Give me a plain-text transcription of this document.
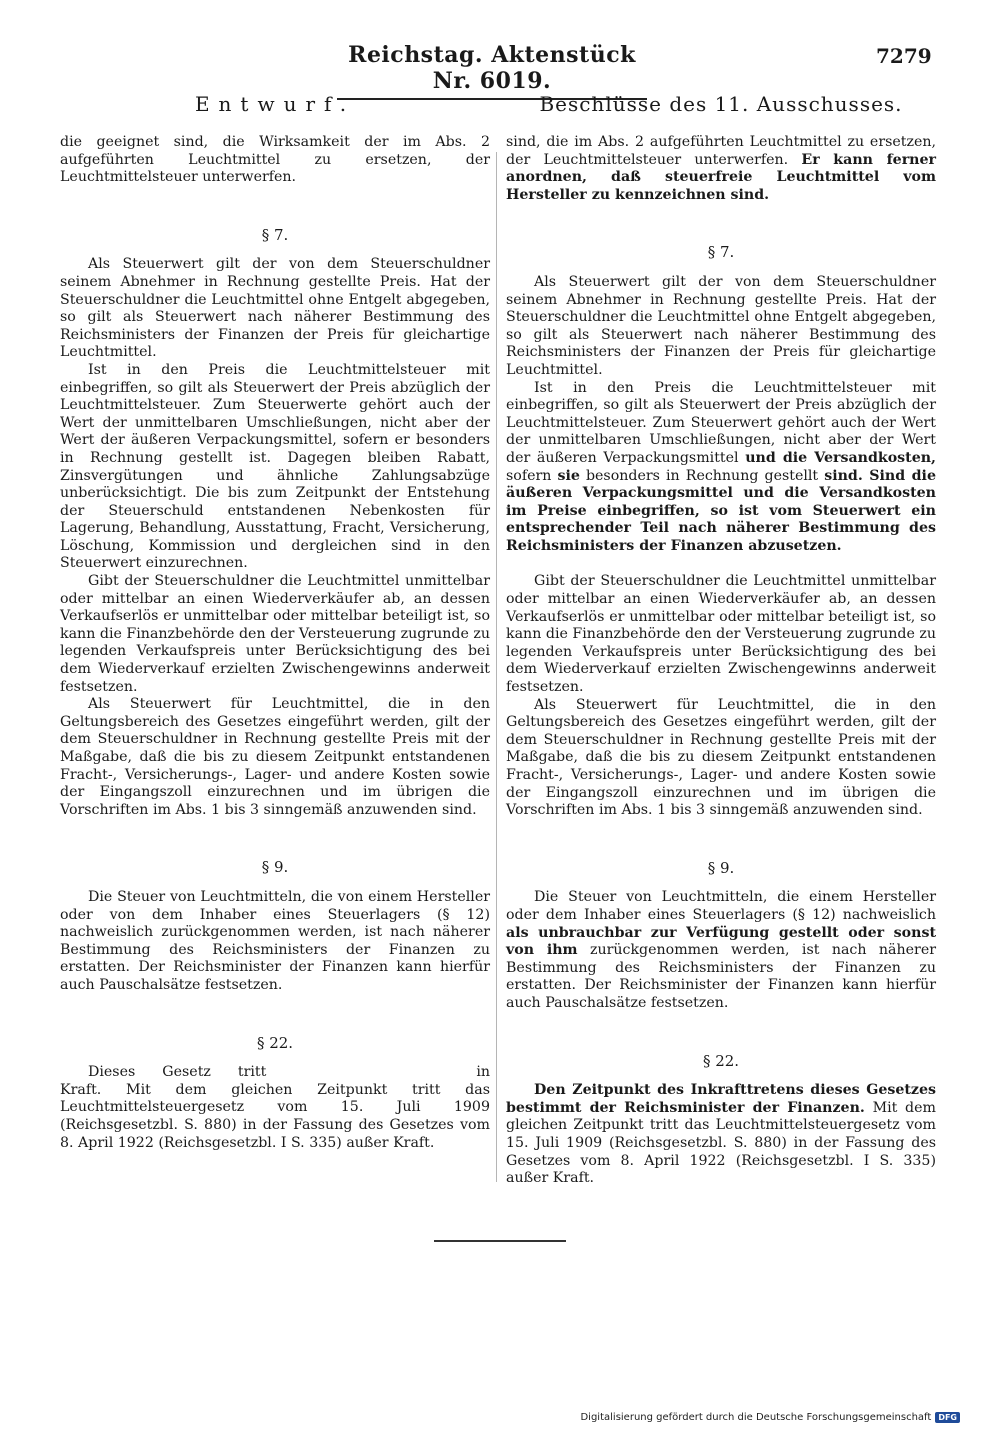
Reichstag. Aktenstück Nr. 6019.
7279
Entwurf.

die geeignet sind, die Wirksamkeit der im Abs. 2 aufgeführten Leuchtmittel zu ersetzen, der Leuchtmittelsteuer unterwerfen.

§ 7.

Als Steuerwert gilt der von dem Steuerschuldner seinem Abnehmer in Rechnung gestellte Preis. Hat der Steuerschuldner die Leuchtmittel ohne Entgelt abgegeben, so gilt als Steuerwert nach näherer Bestimmung des Reichsministers der Finanzen der Preis für gleichartige Leuchtmittel.

Ist in den Preis die Leuchtmittelsteuer mit einbegriffen, so gilt als Steuerwert der Preis abzüglich der Leuchtmittelsteuer. Zum Steuerwerte gehört auch der Wert der unmittelbaren Umschließungen, nicht aber der Wert der äußeren Verpackungsmittel, sofern er besonders in Rechnung gestellt ist. Dagegen bleiben Rabatt, Zinsvergütungen und ähnliche Zahlungsabzüge unberücksichtigt. Die bis zum Zeitpunkt der Entstehung der Steuerschuld entstandenen Nebenkosten für Lagerung, Behandlung, Ausstattung, Fracht, Versicherung, Löschung, Kommission und dergleichen sind in den Steuerwert einzurechnen.

Gibt der Steuerschuldner die Leuchtmittel unmittelbar oder mittelbar an einen Wiederverkäufer ab, an dessen Verkaufserlös er unmittelbar oder mittelbar beteiligt ist, so kann die Finanzbehörde den der Versteuerung zugrunde zu legenden Verkaufspreis unter Berücksichtigung des bei dem Wiederverkauf erzielten Zwischengewinns anderweit festsetzen.

Als Steuerwert für Leuchtmittel, die in den Geltungsbereich des Gesetzes eingeführt werden, gilt der dem Steuerschuldner in Rechnung gestellte Preis mit der Maßgabe, daß die bis zu diesem Zeitpunkt entstandenen Fracht-, Versicherungs-, Lager- und andere Kosten sowie der Eingangszoll einzurechnen und im übrigen die Vorschriften im Abs. 1 bis 3 sinngemäß anzuwenden sind.

§ 9.

Die Steuer von Leuchtmitteln, die von einem Hersteller oder von dem Inhaber eines Steuerlagers (§ 12) nachweislich zurückgenommen werden, ist nach näherer Bestimmung des Reichsministers der Finanzen zu erstatten. Der Reichsminister der Finanzen kann hierfür auch Pauschalsätze festsetzen.

§ 22.

Dieses Gesetz tritt	in Kraft. Mit dem gleichen Zeitpunkt tritt das Leuchtmittelsteuergesetz vom 15. Juli 1909 (Reichsgesetzbl. S. 880) in der Fassung des Gesetzes vom 8. April 1922 (Reichsgesetzbl. I S. 335) außer Kraft.

Beschlüsse des 11. Ausschusses.

sind, die im Abs. 2 aufgeführten Leuchtmittel zu ersetzen, der Leuchtmittelsteuer unterwerfen. Er kann ferner anordnen, daß steuerfreie Leuchtmittel vom Hersteller zu kennzeichnen sind.

§ 7.

Als Steuerwert gilt der von dem Steuerschuldner seinem Abnehmer in Rechnung gestellte Preis. Hat der Steuerschuldner die Leuchtmittel ohne Entgelt abgegeben, so gilt als Steuerwert nach näherer Bestimmung des Reichsministers der Finanzen der Preis für gleichartige Leuchtmittel.

Ist in den Preis die Leuchtmittelsteuer mit einbegriffen, so gilt als Steuerwert der Preis abzüglich der Leuchtmittelsteuer. Zum Steuerwert gehört auch der Wert der unmittelbaren Umschließungen, nicht aber der Wert der äußeren Verpackungsmittel und die Versandkosten, sofern sie besonders in Rechnung gestellt sind. Sind die äußeren Verpackungsmittel und die Versandkosten im Preise einbegriffen, so ist vom Steuerwert ein entsprechender Teil nach näherer Bestimmung des Reichsministers der Finanzen abzusetzen.

Gibt der Steuerschuldner die Leuchtmittel unmittelbar oder mittelbar an einen Wiederverkäufer ab, an dessen Verkaufserlös er unmittelbar oder mittelbar beteiligt ist, so kann die Finanzbehörde den der Versteuerung zugrunde zu legenden Verkaufspreis unter Berücksichtigung des bei dem Wiederverkauf erzielten Zwischengewinns anderweit festsetzen.

Als Steuerwert für Leuchtmittel, die in den Geltungsbereich des Gesetzes eingeführt werden, gilt der dem Steuerschuldner in Rechnung gestellte Preis mit der Maßgabe, daß die bis zu diesem Zeitpunkt entstandenen Fracht-, Versicherungs-, Lager- und andere Kosten sowie der Eingangszoll einzurechnen und im übrigen die Vorschriften im Abs. 1 bis 3 sinngemäß anzuwenden sind.

§ 9.

Die Steuer von Leuchtmitteln, die einem Hersteller oder dem Inhaber eines Steuerlagers (§ 12) nachweislich als unbrauchbar zur Verfügung gestellt oder sonst von ihm zurückgenommen werden, ist nach näherer Bestimmung des Reichsministers der Finanzen zu erstatten. Der Reichsminister der Finanzen kann hierfür auch Pauschalsätze festsetzen.

§ 22.

Den Zeitpunkt des Inkrafttretens dieses Gesetzes bestimmt der Reichsminister der Finanzen. Mit dem gleichen Zeitpunkt tritt das Leuchtmittelsteuergesetz vom 15. Juli 1909 (Reichsgesetzbl. S. 880) in der Fassung des Gesetzes vom 8. April 1922 (Reichsgesetzbl. I S. 335) außer Kraft.

Digitalisierung gefördert durch die Deutsche Forschungsgemeinschaft DFG
